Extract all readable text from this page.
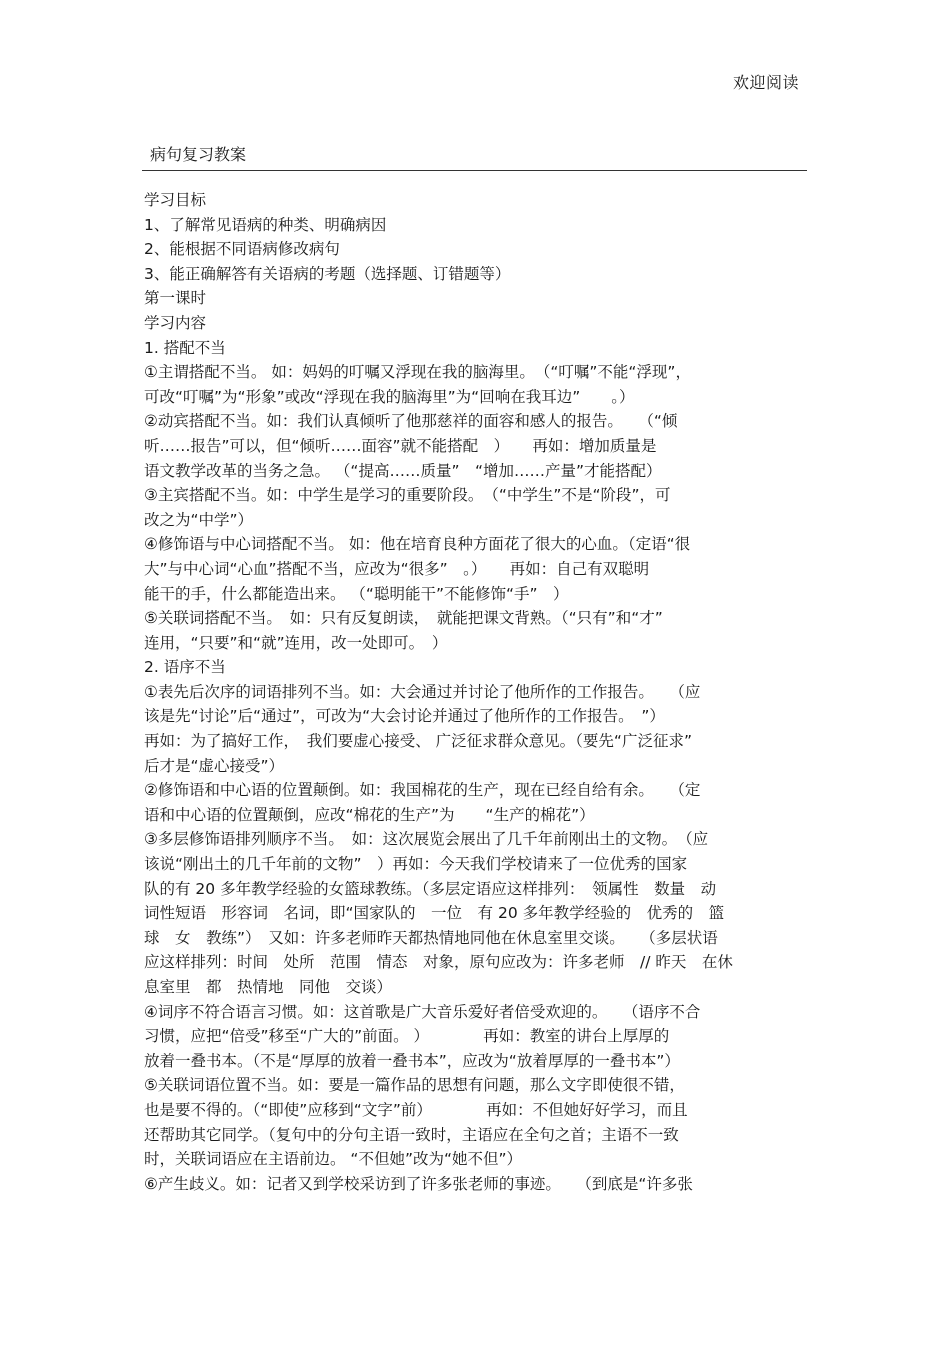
欢迎阅读
病句复习教案
学习目标
1、了解常见语病的种类、明确病因
2、能根据不同语病修改病句
3、能正确解答有关语病的考题（选择题、订错题等）
第一课时
学习内容
1. 搭配不当
①主谓搭配不当。 如：妈妈的叮嘱又浮现在我的脑海里。　（“叮嘱”不能“浮现”，
可改“叮嘱”为“形象”或改“浮现在我的脑海里”为“回响在我耳边”　　。）
②动宾搭配不当。如：我们认真倾听了他那慈祥的面容和感人的报告。　　（“倾
听……报告”可以，但“倾听……面容”就不能搭配　）　　再如：增加质量是
语文教学改革的当务之急。 （“提高……质量”　“增加……产量”才能搭配）
③主宾搭配不当。如：中学生是学习的重要阶段。　（“中学生”不是“阶段”，可
改之为“中学”）
④修饰语与中心词搭配不当。 如：他在培育良种方面花了很大的心血。（定语“很
大”与中心词“心血”搭配不当，应改为“很多”　。）　　再如：自己有双聪明
能干的手，什么都能造出来。 （“聪明能干”不能修饰“手”　）
⑤关联词搭配不当。　如：只有反复朗读，　就能把课文背熟。（“只有”和“才”
连用，“只要”和“就”连用，改一处即可。　）
2. 语序不当
①表先后次序的词语排列不当。如：大会通过并讨论了他所作的工作报告。　　（应
该是先“讨论”后“通过”，可改为“大会讨论并通过了他所作的工作报告。　”）
再如：为了搞好工作，　我们要虚心接受、 广泛征求群众意见。（要先“广泛征求”
后才是“虚心接受”）
②修饰语和中心语的位置颠倒。如：我国棉花的生产，现在已经自给有余。　　（定
语和中心语的位置颠倒，应改“棉花的生产”为　　“生产的棉花”）
③多层修饰语排列顺序不当。　如：这次展览会展出了几千年前刚出土的文物。　（应
该说“刚出土的几千年前的文物”　）再如：今天我们学校请来了一位优秀的国家
队的有 20 多年教学经验的女篮球教练。（多层定语应这样排列：　领属性　数量　动
词性短语　形容词　名词，即“国家队的　一位　有 20 多年教学经验的　优秀的　篮
球　女　教练”）　又如：许多老师昨天都热情地同他在休息室里交谈。　　（多层状语
应这样排列：时间　处所　范围　情态　对象，原句应改为：许多老师　// 昨天　在休
息室里　都　热情地　同他　交谈）
④词序不符合语言习惯。如：这首歌是广大音乐爱好者倍受欢迎的。　　（语序不合
习惯，应把“倍受”移至“广大的”前面。 ）　　　　再如：教室的讲台上厚厚的
放着一叠书本。（不是“厚厚的放着一叠书本”，应改为“放着厚厚的一叠书本”）
⑤关联词语位置不当。如：要是一篇作品的思想有问题，那么文字即使很不错，
也是要不得的。（“即使”应移到“文字”前）　　　　再如：不但她好好学习，而且
还帮助其它同学。（复句中的分句主语一致时，主语应在全句之首；主语不一致
时，关联词语应在主语前边。 “不但她”改为“她不但”）
⑥产生歧义。如：记者又到学校采访到了许多张老师的事迹。　　（到底是“许多张
